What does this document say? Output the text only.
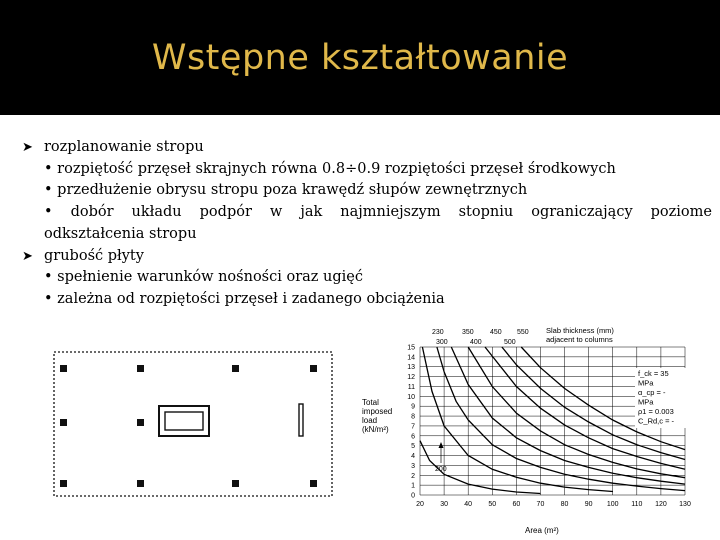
Wstępne kształtowanie
➤ rozplanowanie stropu
• rozpiętość przęseł skrajnych równa 0.8÷0.9 rozpiętości przęseł środkowych
• przedłużenie obrysu stropu poza krawędź słupów zewnętrznych
• dobór układu podpór w jak najmniejszym stopniu ograniczający poziome
odkształcenia stropu
➤ grubość płyty
• spełnienie warunków nośności oraz ugięć
• zależna od rozpiętości przęseł i zadanego obciążenia
20 30 40 50 60 70 80 90 100 110 120 130
0
1
2
3
4
5
6
7
8
9
10
11
12
13
14
15
Slab thickness (mm)
adjacent to columns
230	350 450 550
300	400	500
200
Total
imposed
load
(kN/m²)
Area (m²)
f_ck = 35
MPa
α_cp = -
MPa
ρ1 = 0.003
C_Rd,c = -
